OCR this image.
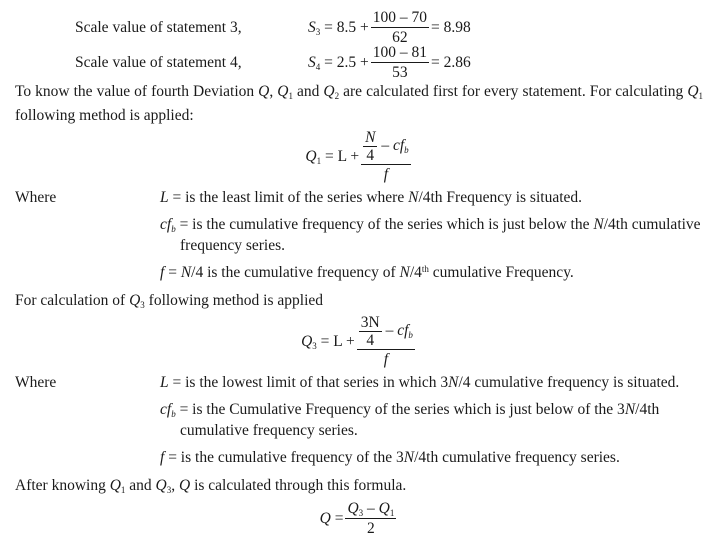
Scale value of statement 3,	$S_3 = 8.5 + \frac{100 - 70}{62} = 8.98$
Scale value of statement 4,	$S_4 = 2.5 + \frac{100 - 81}{53} = 2.86$

To know the value of fourth Deviation Q, $Q_1$ and $Q_2$ are calculated first for every statement. For calculating $Q_1$ following method is applied:

$Q_1 = L + \frac{\frac{N}{4} - cf_b}{f}$
Where	L = is the least limit of the series where N/4th Frequency is situated.

$cf_b$ = is the cumulative frequency of the series which is just below the N/4th cumulative
frequency series.

f = N/4 is the cumulative frequency of N/4th cumulative Frequency.

For calculation of $Q_3$ following method is applied

$Q_3 = L + \frac{\frac{3N}{4} - cf_b}{f}$
Where	L = is the lowest limit of that series in which 3N/4 cumulative frequency is situated.

$cf_b$ = is the Cumulative Frequency of the series which is just below of the 3N/4th
cumulative frequency series.

f = is the cumulative frequency of the 3N/4th cumulative frequency series.

After knowing $Q_1$ and $Q_3$, Q is calculated through this formula.

$Q = \frac{Q_3 - Q_1}{2}$
